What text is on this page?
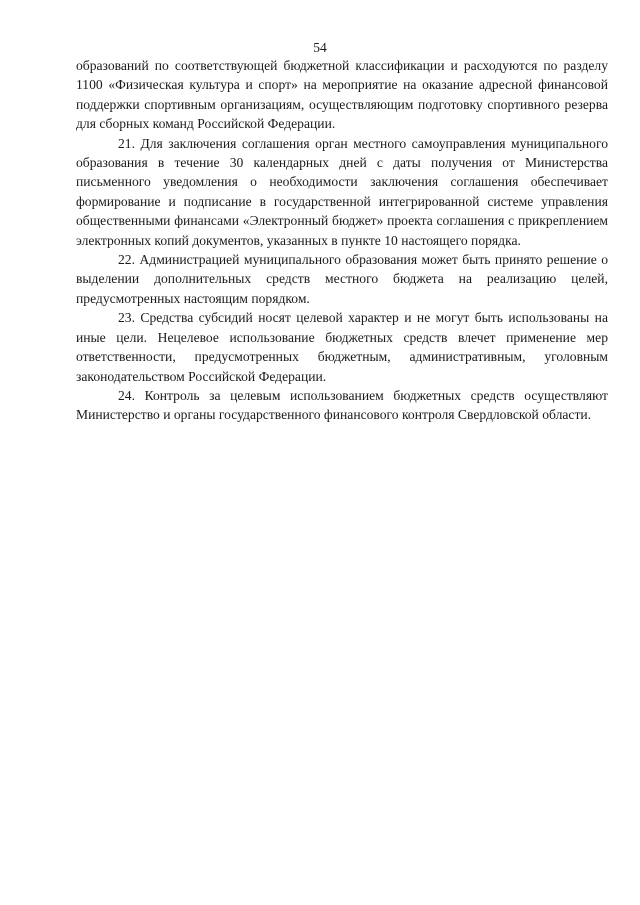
54

образований по соответствующей бюджетной классификации и расходуются по разделу 1100 «Физическая культура и спорт» на мероприятие на оказание адресной финансовой поддержки спортивным организациям, осуществляющим подготовку спортивного резерва для сборных команд Российской Федерации.

21. Для заключения соглашения орган местного самоуправления муниципального образования в течение 30 календарных дней с даты получения от Министерства письменного уведомления о необходимости заключения соглашения обеспечивает формирование и подписание в государственной интегрированной системе управления общественными финансами «Электронный бюджет» проекта соглашения с прикреплением электронных копий документов, указанных в пункте 10 настоящего порядка.

22. Администрацией муниципального образования может быть принято решение о выделении дополнительных средств местного бюджета на реализацию целей, предусмотренных настоящим порядком.

23. Средства субсидий носят целевой характер и не могут быть использованы на иные цели. Нецелевое использование бюджетных средств влечет применение мер ответственности, предусмотренных бюджетным, административным, уголовным законодательством Российской Федерации.

24. Контроль за целевым использованием бюджетных средств осуществляют Министерство и органы государственного финансового контроля Свердловской области.
